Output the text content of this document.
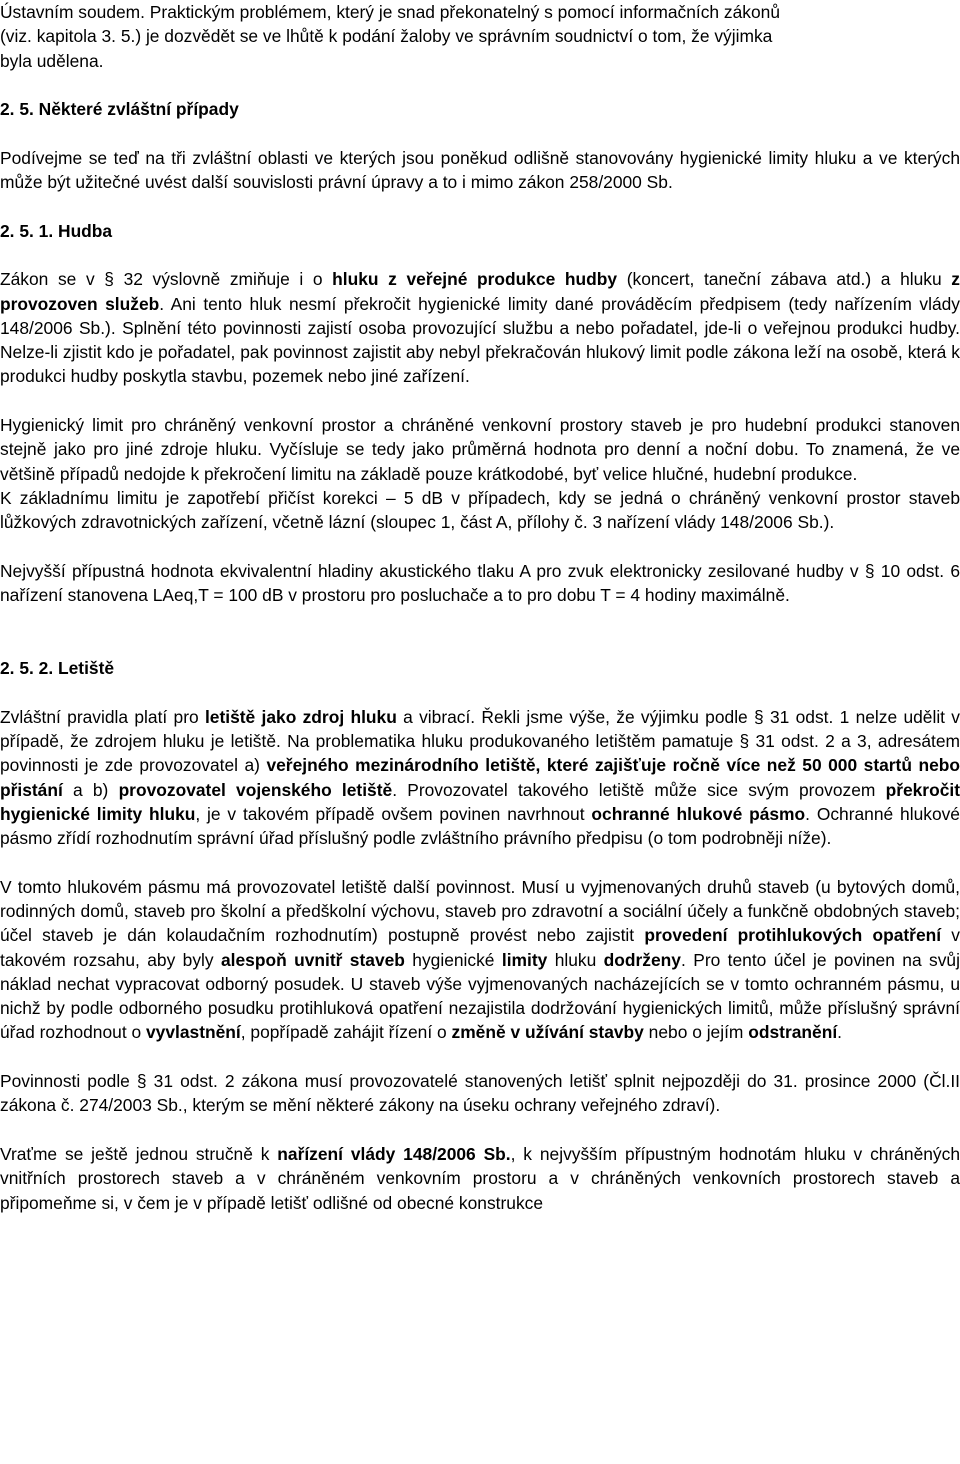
Ústavním soudem. Praktickým problémem, který je snad překonatelný s pomocí informačních zákonů
(viz. kapitola 3. 5.) je dozvědět se ve lhůtě k podání žaloby ve správním soudnictví o tom, že výjimka
byla udělena.

2. 5. Některé zvláštní případy

Podívejme se teď na tři zvláštní oblasti ve kterých jsou poněkud odlišně stanovovány hygienické limity hluku a ve kterých může být užitečné uvést další souvislosti právní úpravy a to i mimo zákon 258/2000 Sb.

2. 5. 1. Hudba

Zákon se v § 32 výslovně zmiňuje i o hluku z veřejné produkce hudby (koncert, taneční zábava atd.) a hluku z provozoven služeb. Ani tento hluk nesmí překročit hygienické limity dané prováděcím předpisem (tedy nařízením vlády 148/2006 Sb.). Splnění této povinnosti zajistí osoba provozující službu a nebo pořadatel, jde-li o veřejnou produkci hudby. Nelze-li zjistit kdo je pořadatel, pak povinnost zajistit aby nebyl překračován hlukový limit podle zákona leží na osobě, která k produkci hudby poskytla stavbu, pozemek nebo jiné zařízení.

Hygienický limit pro chráněný venkovní prostor a chráněné venkovní prostory staveb je pro hudební produkci stanoven stejně jako pro jiné zdroje hluku. Vyčísluje se tedy jako průměrná hodnota pro denní a noční dobu. To znamená, že ve většině případů nedojde k překročení limitu na základě pouze krátkodobé, byť velice hlučné, hudební produkce.

K základnímu limitu je zapotřebí přičíst korekci – 5 dB v případech, kdy se jedná o chráněný venkovní prostor staveb lůžkových zdravotnických zařízení, včetně lázní (sloupec 1, část A, přílohy č. 3 nařízení vlády 148/2006 Sb.).

Nejvyšší přípustná hodnota ekvivalentní hladiny akustického tlaku A pro zvuk elektronicky zesilované hudby v § 10 odst. 6 nařízení stanovena LAeq,T = 100 dB v prostoru pro posluchače a to pro dobu T = 4 hodiny maximálně.

2. 5. 2. Letiště

Zvláštní pravidla platí pro letiště jako zdroj hluku a vibrací. Řekli jsme výše, že výjimku podle § 31 odst. 1 nelze udělit v případě, že zdrojem hluku je letiště. Na problematika hluku produkovaného letištěm pamatuje § 31 odst. 2 a 3, adresátem povinnosti je zde provozovatel a) veřejného mezinárodního letiště, které zajišťuje ročně více než 50 000 startů nebo přistání a b) provozovatel vojenského letiště. Provozovatel takového letiště může sice svým provozem překročit hygienické limity hluku, je v takovém případě ovšem povinen navrhnout ochranné hlukové pásmo. Ochranné hlukové pásmo zřídí rozhodnutím správní úřad příslušný podle zvláštního právního předpisu (o tom podrobněji níže).

V tomto hlukovém pásmu má provozovatel letiště další povinnost. Musí u vyjmenovaných druhů staveb (u bytových domů, rodinných domů, staveb pro školní a předškolní výchovu, staveb pro zdravotní a sociální účely a funkčně obdobných staveb; účel staveb je dán kolaudačním rozhodnutím) postupně provést nebo zajistit provedení protihlukových opatření v takovém rozsahu, aby byly alespoň uvnitř staveb hygienické limity hluku dodrženy. Pro tento účel je povinen na svůj náklad nechat vypracovat odborný posudek. U staveb výše vyjmenovaných nacházejících se v tomto ochranném pásmu, u nichž by podle odborného posudku protihluková opatření nezajistila dodržování hygienických limitů, může příslušný správní úřad rozhodnout o vyvlastnění, popřípadě zahájit řízení o změně v užívání stavby nebo o jejím odstranění.

Povinnosti podle § 31 odst. 2 zákona musí provozovatelé stanovených letišť splnit nejpozději do 31. prosince 2000 (Čl.II zákona č. 274/2003 Sb., kterým se mění některé zákony na úseku ochrany veřejného zdraví).

Vraťme se ještě jednou stručně k nařízení vlády 148/2006 Sb., k nejvyšším přípustným hodnotám hluku v chráněných vnitřních prostorech staveb a v chráněném venkovním prostoru a v chráněných venkovních prostorech staveb a připomeňme si, v čem je v případě letišť odlišné od obecné konstrukce
